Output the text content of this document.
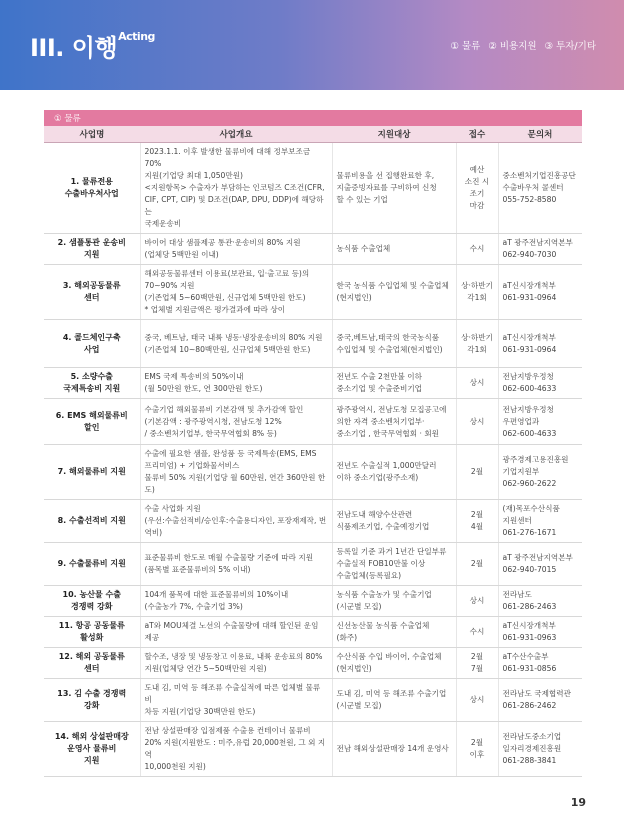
III. 이행$^{Acting}$
① 물류 ② 비용지원 ③ 투자/기타
① 물류
사업명	사업개요	지원대상	접수	문의처
1. 물류전용
수출바우처사업	2023.1.1. 이후 발생한 물류비에 대해 정부보조금 70%
지원(기업당 최대 1,050만원)
<지원항목> 수출자가 부담하는 인코텀즈 C조건(CFR,
CIF, CPT, CIP) 및 D조건(DAP, DPU, DDP)에 해당하는
국제운송비	물류비용을 선 집행완료한 후,
지출증빙자료를 구비하여 신청
할 수 있는 기업	예산
소진 시
조기
마감	중소벤처기업진흥공단
수출바우처 콜센터
055-752-8580
2. 샘플통관 운송비
지원	바이어 대상 샘플제공 통관·운송비의 80% 지원
(업체당 5백만원 이내)	농식품 수출업체	수시	aT 광주전남지역본부
062-940-7030
3. 해외공동물류
센터	해외공동물류센터 이용료(보관료, 입·출고료 등)의
70~90% 지원
(기존업체 5~60백만원, 신규업체 5백만원 한도)
* 업체별 지원금액은 평가결과에 따라 상이	한국 농식품 수입업체 및 수출업체
(현지법인)	상·하반기
각1회	aT신시장개척부
061-931-0964
4. 콜드체인구축
사업	중국, 베트남, 태국 내륙 냉동·냉장운송비의 80% 지원
(기존업체 10~80백만원, 신규업체 5백만원 한도)	중국,베트남,태국의 한국농식품
수입업체 및 수출업체(현지법인)	상·하반기
각1회	aT신시장개척부
061-931-0964
5. 소량수출
국제특송비 지원	EMS 국제 특송비의 50%이내
(월 50만원 한도, 연 300만원 한도)	전년도 수출 2천만불 이하
중소기업 및 수출준비기업	상시	전남지방우정청
062-600-4633
6. EMS 해외물류비
할인	수출기업 해외물류비 기본감액 및 추가감액 할인
(기본감액 : 광주광역시청, 전남도청 12%
/ 중소벤처기업부, 한국무역협회 8% 등)	광주광역시, 전남도청 모집공고에
의한 자격 중소벤처기업부·
중소기업 , 한국무역협회 · 회원	상시	전남지방우정청
우편영업과
062-600-4633
7. 해외물류비 지원	수출에 필요한 샘플, 완성품 등 국제특송(EMS, EMS
프리미엄) + 기업화물서비스
물류비 50% 지원(기업당 월 60만원, 연간 360만원 한도)	전년도 수출실적 1,000만달러
이하 중소기업(광주소재)	2월	광주경제고용진흥원
기업지원부
062-960-2622
8. 수출선적비 지원	수출 사업화 지원
(우선:수출선적비/승인후:수출용디자인, 포장재제작, 번역비)	전남도내 해양수산관련
식품제조기업, 수출예정기업	2월
4월	(재)목포수산식품
지원센터
061-276-1671
9. 수출물류비 지원	표준물류비 한도로 매월 수출물량 기준에 따라 지원
(품목별 표준물류비의 5% 이내)	등록일 기준 과거 1년간 단일부류
수출실적 FOB10만불 이상
수출업체(등록필요)	2월	aT 광주전남지역본부
062-940-7015
10. 농산물 수출
경쟁력 강화	104개 품목에 대한 표준물류비의 10%이내
(수출농가 7%, 수출기업 3%)	농식품 수출농가 및 수출기업
(시군별 모집)	상시	전라남도
061-286-2463
11. 항공 공동물류
활성화	aT와 MOU체결 노선의 수출물량에 대해 할인된 운임
제공	신선농산물 농식품 수출업체
(화주)	수시	aT신시장개척부
061-931-0963
12. 해외 공동물류
센터	할수조, 냉장 및 냉동창고 이용료, 내륙 운송료의 80%
지원(업체당 연간 5~50백만원 지원)	수산식품 수입 바이어, 수출업체
(현지법인)	2월
7월	aT수산수출부
061-931-0856
13. 김 수출 경쟁력
강화	도내 김, 미역 등 해조류 수출실적에 따른 업체별 물류비
차등 지원(기업당 30백만원 한도)	도내 김, 미역 등 해조류 수출기업
(시군별 모집)	상시	전라남도 국제협력관
061-286-2462
14. 해외 상설판매장
운영사 물류비
지원	전남 상설판매장 입점제품 수출용 컨테이너 물류비
20% 지원(지원한도 : 미주,유럽 20,000천원, 그 외 지역
10,000천원 지원)	전남 해외상설판매장 14개 운영사	2월
이후	전라남도중소기업
일자리경제진흥원
061-288-3841
19
